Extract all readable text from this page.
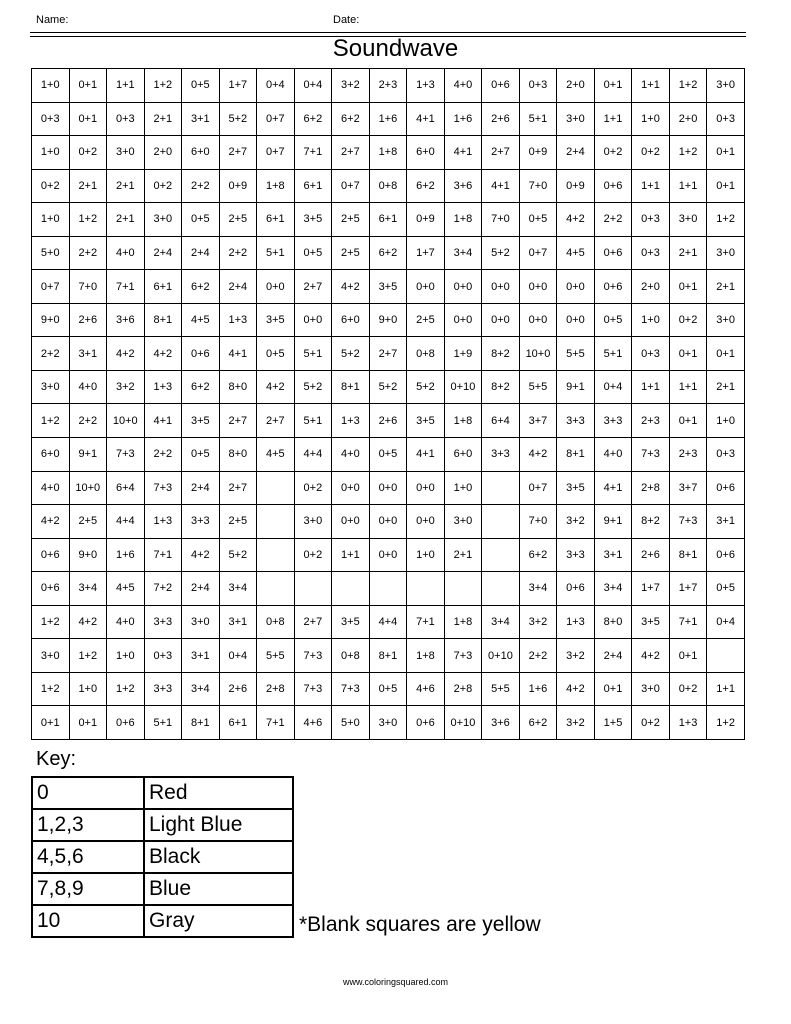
Name:	Date:
Soundwave
1+0	0+1	1+1	1+2	0+5	1+7	0+4	0+4	3+2	2+3	1+3	4+0	0+6	0+3	2+0	0+1	1+1	1+2	3+0
0+3	0+1	0+3	2+1	3+1	5+2	0+7	6+2	6+2	1+6	4+1	1+6	2+6	5+1	3+0	1+1	1+0	2+0	0+3
1+0	0+2	3+0	2+0	6+0	2+7	0+7	7+1	2+7	1+8	6+0	4+1	2+7	0+9	2+4	0+2	0+2	1+2	0+1
0+2	2+1	2+1	0+2	2+2	0+9	1+8	6+1	0+7	0+8	6+2	3+6	4+1	7+0	0+9	0+6	1+1	1+1	0+1
1+0	1+2	2+1	3+0	0+5	2+5	6+1	3+5	2+5	6+1	0+9	1+8	7+0	0+5	4+2	2+2	0+3	3+0	1+2
5+0	2+2	4+0	2+4	2+4	2+2	5+1	0+5	2+5	6+2	1+7	3+4	5+2	0+7	4+5	0+6	0+3	2+1	3+0
0+7	7+0	7+1	6+1	6+2	2+4	0+0	2+7	4+2	3+5	0+0	0+0	0+0	0+0	0+0	0+6	2+0	0+1	2+1
9+0	2+6	3+6	8+1	4+5	1+3	3+5	0+0	6+0	9+0	2+5	0+0	0+0	0+0	0+0	0+5	1+0	0+2	3+0
2+2	3+1	4+2	4+2	0+6	4+1	0+5	5+1	5+2	2+7	0+8	1+9	8+2	10+0	5+5	5+1	0+3	0+1	0+1
3+0	4+0	3+2	1+3	6+2	8+0	4+2	5+2	8+1	5+2	5+2	0+10	8+2	5+5	9+1	0+4	1+1	1+1	2+1
1+2	2+2	10+0	4+1	3+5	2+7	2+7	5+1	1+3	2+6	3+5	1+8	6+4	3+7	3+3	3+3	2+3	0+1	1+0
6+0	9+1	7+3	2+2	0+5	8+0	4+5	4+4	4+0	0+5	4+1	6+0	3+3	4+2	8+1	4+0	7+3	2+3	0+3
4+0	10+0	6+4	7+3	2+4	2+7		0+2	0+0	0+0	0+0	1+0		0+7	3+5	4+1	2+8	3+7	0+6
4+2	2+5	4+4	1+3	3+3	2+5		3+0	0+0	0+0	0+0	3+0		7+0	3+2	9+1	8+2	7+3	3+1
0+6	9+0	1+6	7+1	4+2	5+2		0+2	1+1	0+0	1+0	2+1		6+2	3+3	3+1	2+6	8+1	0+6
0+6	3+4	4+5	7+2	2+4	3+4								3+4	0+6	3+4	1+7	1+7	0+5
1+2	4+2	4+0	3+3	3+0	3+1	0+8	2+7	3+5	4+4	7+1	1+8	3+4	3+2	1+3	8+0	3+5	7+1	0+4
3+0	1+2	1+0	0+3	3+1	0+4	5+5	7+3	0+8	8+1	1+8	7+3	0+10	2+2	3+2	2+4	4+2	0+1	
1+2	1+0	1+2	3+3	3+4	2+6	2+8	7+3	7+3	0+5	4+6	2+8	5+5	1+6	4+2	0+1	3+0	0+2	1+1
0+1	0+1	0+6	5+1	8+1	6+1	7+1	4+6	5+0	3+0	0+6	0+10	3+6	6+2	3+2	1+5	0+2	1+3	1+2
Key:
0	Red
1,2,3	Light Blue
4,5,6	Black
7,8,9	Blue
10	Gray	*Blank squares are yellow
www.coloringsquared.com
